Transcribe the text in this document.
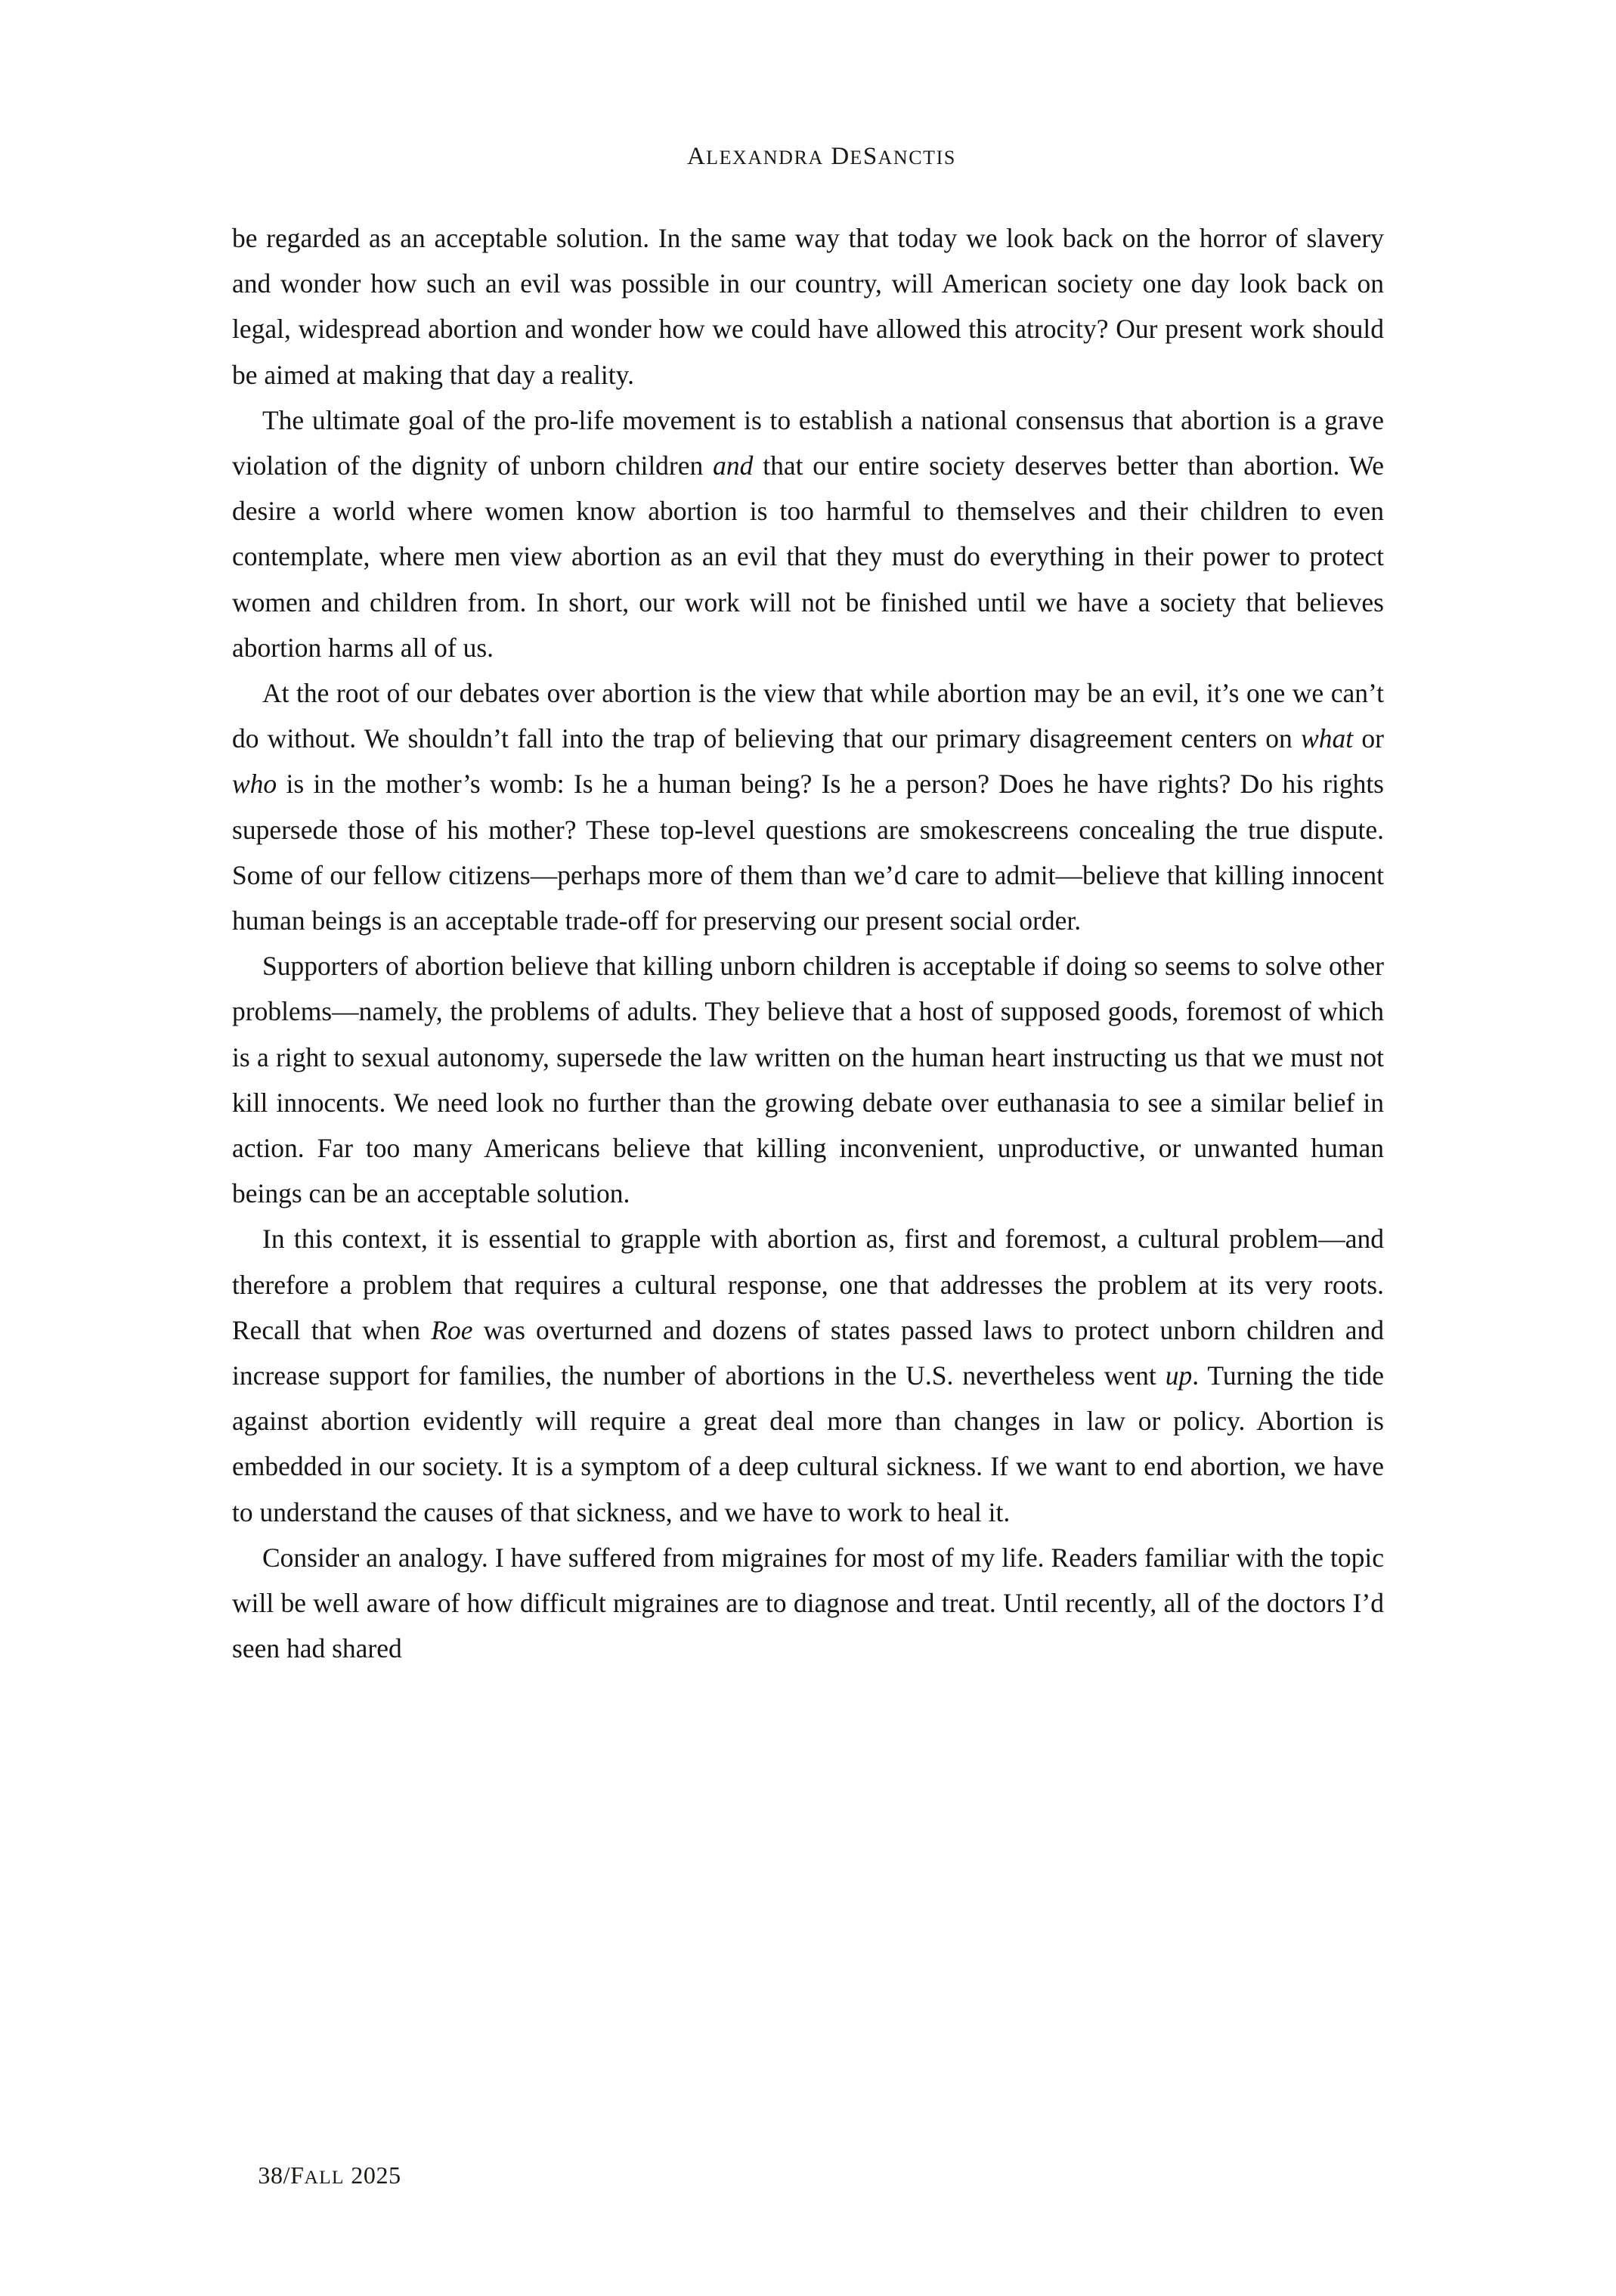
ALEXANDRA DESANCTIS

be regarded as an acceptable solution. In the same way that today we look back on the horror of slavery and wonder how such an evil was possible in our country, will American society one day look back on legal, widespread abortion and wonder how we could have allowed this atrocity? Our present work should be aimed at making that day a reality.

The ultimate goal of the pro-life movement is to establish a national consensus that abortion is a grave violation of the dignity of unborn children and that our entire society deserves better than abortion. We desire a world where women know abortion is too harmful to themselves and their children to even contemplate, where men view abortion as an evil that they must do everything in their power to protect women and children from. In short, our work will not be finished until we have a society that believes abortion harms all of us.

At the root of our debates over abortion is the view that while abortion may be an evil, it’s one we can’t do without. We shouldn’t fall into the trap of believing that our primary disagreement centers on what or who is in the mother’s womb: Is he a human being? Is he a person? Does he have rights? Do his rights supersede those of his mother? These top-level questions are smokescreens concealing the true dispute. Some of our fellow citizens—perhaps more of them than we’d care to admit—believe that killing innocent human beings is an acceptable trade-off for preserving our present social order.

Supporters of abortion believe that killing unborn children is acceptable if doing so seems to solve other problems—namely, the problems of adults. They believe that a host of supposed goods, foremost of which is a right to sexual autonomy, supersede the law written on the human heart instructing us that we must not kill innocents. We need look no further than the growing debate over euthanasia to see a similar belief in action. Far too many Americans believe that killing inconvenient, unproductive, or unwanted human beings can be an acceptable solution.

In this context, it is essential to grapple with abortion as, first and foremost, a cultural problem—and therefore a problem that requires a cultural response, one that addresses the problem at its very roots. Recall that when Roe was overturned and dozens of states passed laws to protect unborn children and increase support for families, the number of abortions in the U.S. nevertheless went up. Turning the tide against abortion evidently will require a great deal more than changes in law or policy. Abortion is embedded in our society. It is a symptom of a deep cultural sickness. If we want to end abortion, we have to understand the causes of that sickness, and we have to work to heal it.

Consider an analogy. I have suffered from migraines for most of my life. Readers familiar with the topic will be well aware of how difficult migraines are to diagnose and treat. Until recently, all of the doctors I’d seen had shared

38/FALL 2025
